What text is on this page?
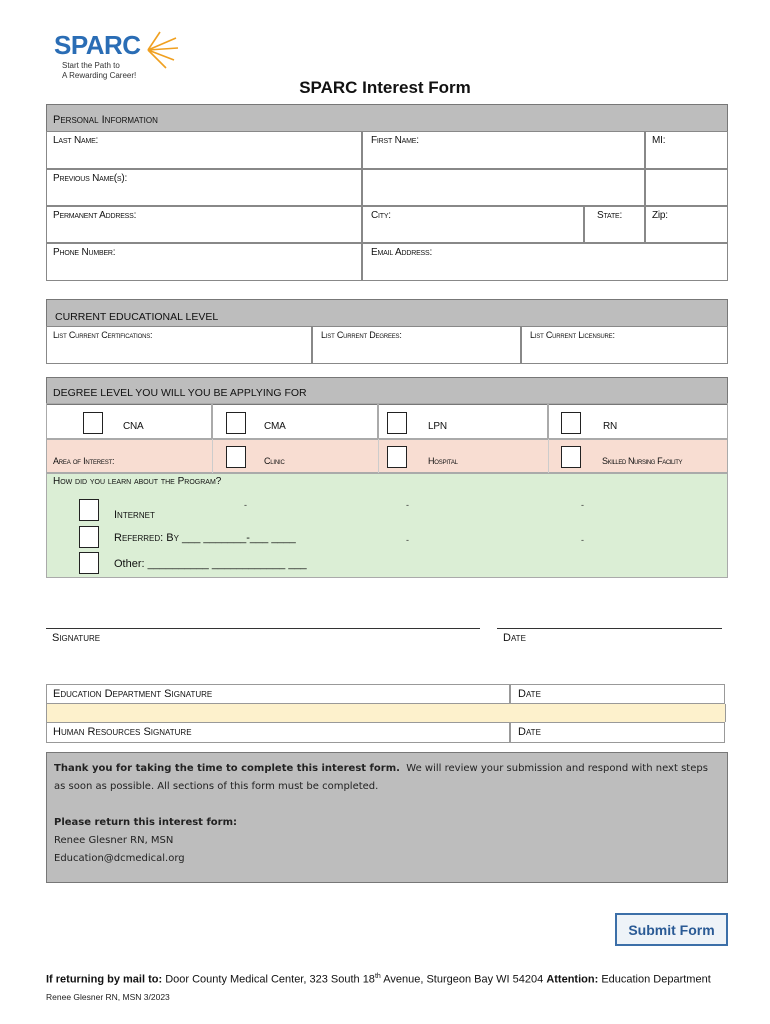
SPARC
Start the Path to
A Rewarding Career!
SPARC Interest Form
Personal Information
Last Name:	First Name:	MI:
Previous Name(s):
Permanent Address:	City:	State:	Zip:
Phone Number:	Email Address:
CURRENT EDUCATIONAL LEVEL
List Current Certifications:	List Current Degrees:	List Current Licensure:
DEGREE LEVEL YOU WILL YOU BE APPLYING FOR
CNA	CMA	LPN	RN
Area of Interest:	Clinic	Hospital	Skilled Nursing Facility
How did you learn about the Program?
Internet
Referred: By ___ _______-___ ____
Other: __________ ____________ ___
-	-	-
-	-
Signature	Date
Education Department Signature	Date
Human Resources Signature	Date
Thank you for taking the time to complete this interest form. We will review your submission and respond with next steps as soon as possible. All sections of this form must be completed.
Please return this interest form:
Renee Glesner RN, MSN
Education@dcmedical.org
Submit Form
If returning by mail to: Door County Medical Center, 323 South 18th Avenue, Sturgeon Bay WI 54204 Attention: Education Department
Renee Glesner RN, MSN 3/2023
